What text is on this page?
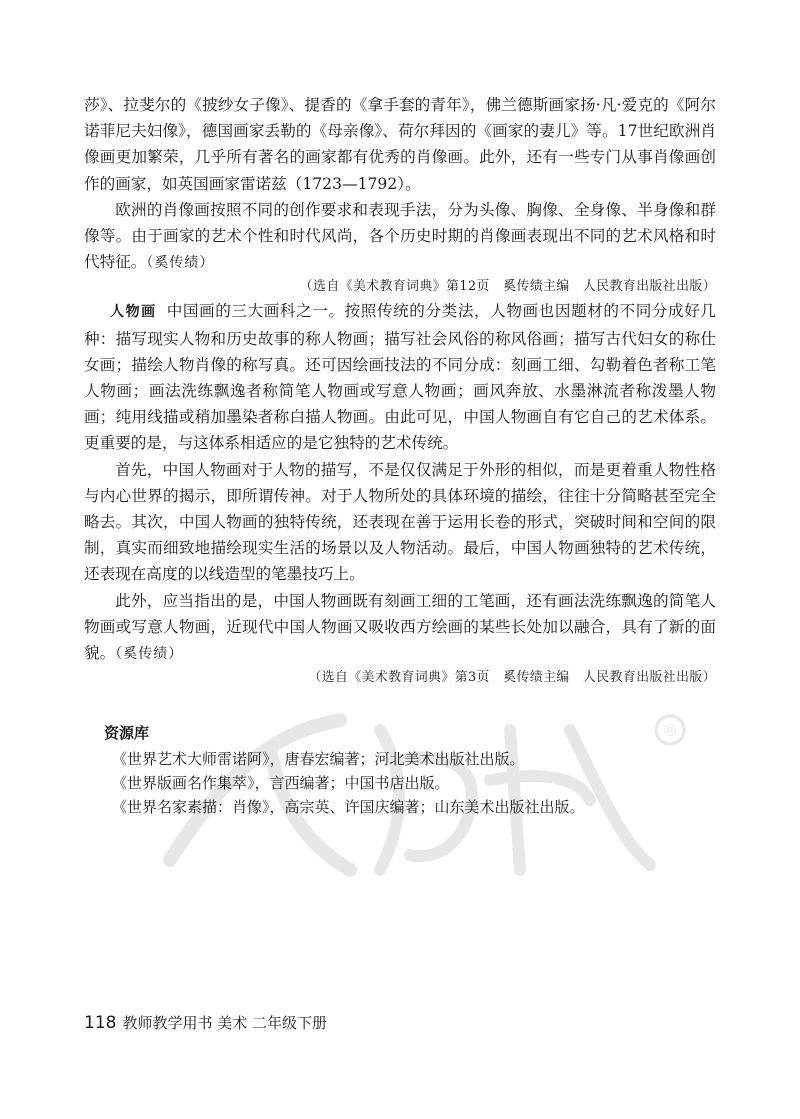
®

莎》、拉斐尔的《披纱女子像》、提香的《拿手套的青年》，佛兰德斯画家扬·凡·爱克的《阿尔诺菲尼夫妇像》，德国画家丢勒的《母亲像》、荷尔拜因的《画家的妻儿》等。17世纪欧洲肖像画更加繁荣，几乎所有著名的画家都有优秀的肖像画。此外，还有一些专门从事肖像画创作的画家，如英国画家雷诺兹（1723—1792）。

欧洲的肖像画按照不同的创作要求和表现手法，分为头像、胸像、全身像、半身像和群像等。由于画家的艺术个性和时代风尚，各个历史时期的肖像画表现出不同的艺术风格和时代特征。（奚传绩）

（选自《美术教育词典》第12页　奚传绩主编　人民教育出版社出版）

人物画 中国画的三大画科之一。按照传统的分类法，人物画也因题材的不同分成好几种：描写现实人物和历史故事的称人物画；描写社会风俗的称风俗画；描写古代妇女的称仕女画；描绘人物肖像的称写真。还可因绘画技法的不同分成：刻画工细、勾勒着色者称工笔人物画；画法洗练飘逸者称简笔人物画或写意人物画；画风奔放、水墨淋流者称泼墨人物画；纯用线描或稍加墨染者称白描人物画。由此可见，中国人物画自有它自己的艺术体系。更重要的是，与这体系相适应的是它独特的艺术传统。

首先，中国人物画对于人物的描写，不是仅仅满足于外形的相似，而是更着重人物性格与内心世界的揭示，即所谓传神。对于人物所处的具体环境的描绘，往往十分简略甚至完全略去。其次，中国人物画的独特传统，还表现在善于运用长卷的形式，突破时间和空间的限制，真实而细致地描绘现实生活的场景以及人物活动。最后，中国人物画独特的艺术传统，还表现在高度的以线造型的笔墨技巧上。

此外，应当指出的是，中国人物画既有刻画工细的工笔画，还有画法洗练飘逸的简笔人物画或写意人物画，近现代中国人物画又吸收西方绘画的某些长处加以融合，具有了新的面貌。（奚传绩）

（选自《美术教育词典》第3页　奚传绩主编　人民教育出版社出版）

资源库

《世界艺术大师雷诺阿》，唐春宏编著；河北美术出版社出版。

《世界版画名作集萃》，言西编著；中国书店出版。

《世界名家素描：肖像》，高宗英、许国庆编著；山东美术出版社出版。

118 教师教学用书 美术 二年级下册
